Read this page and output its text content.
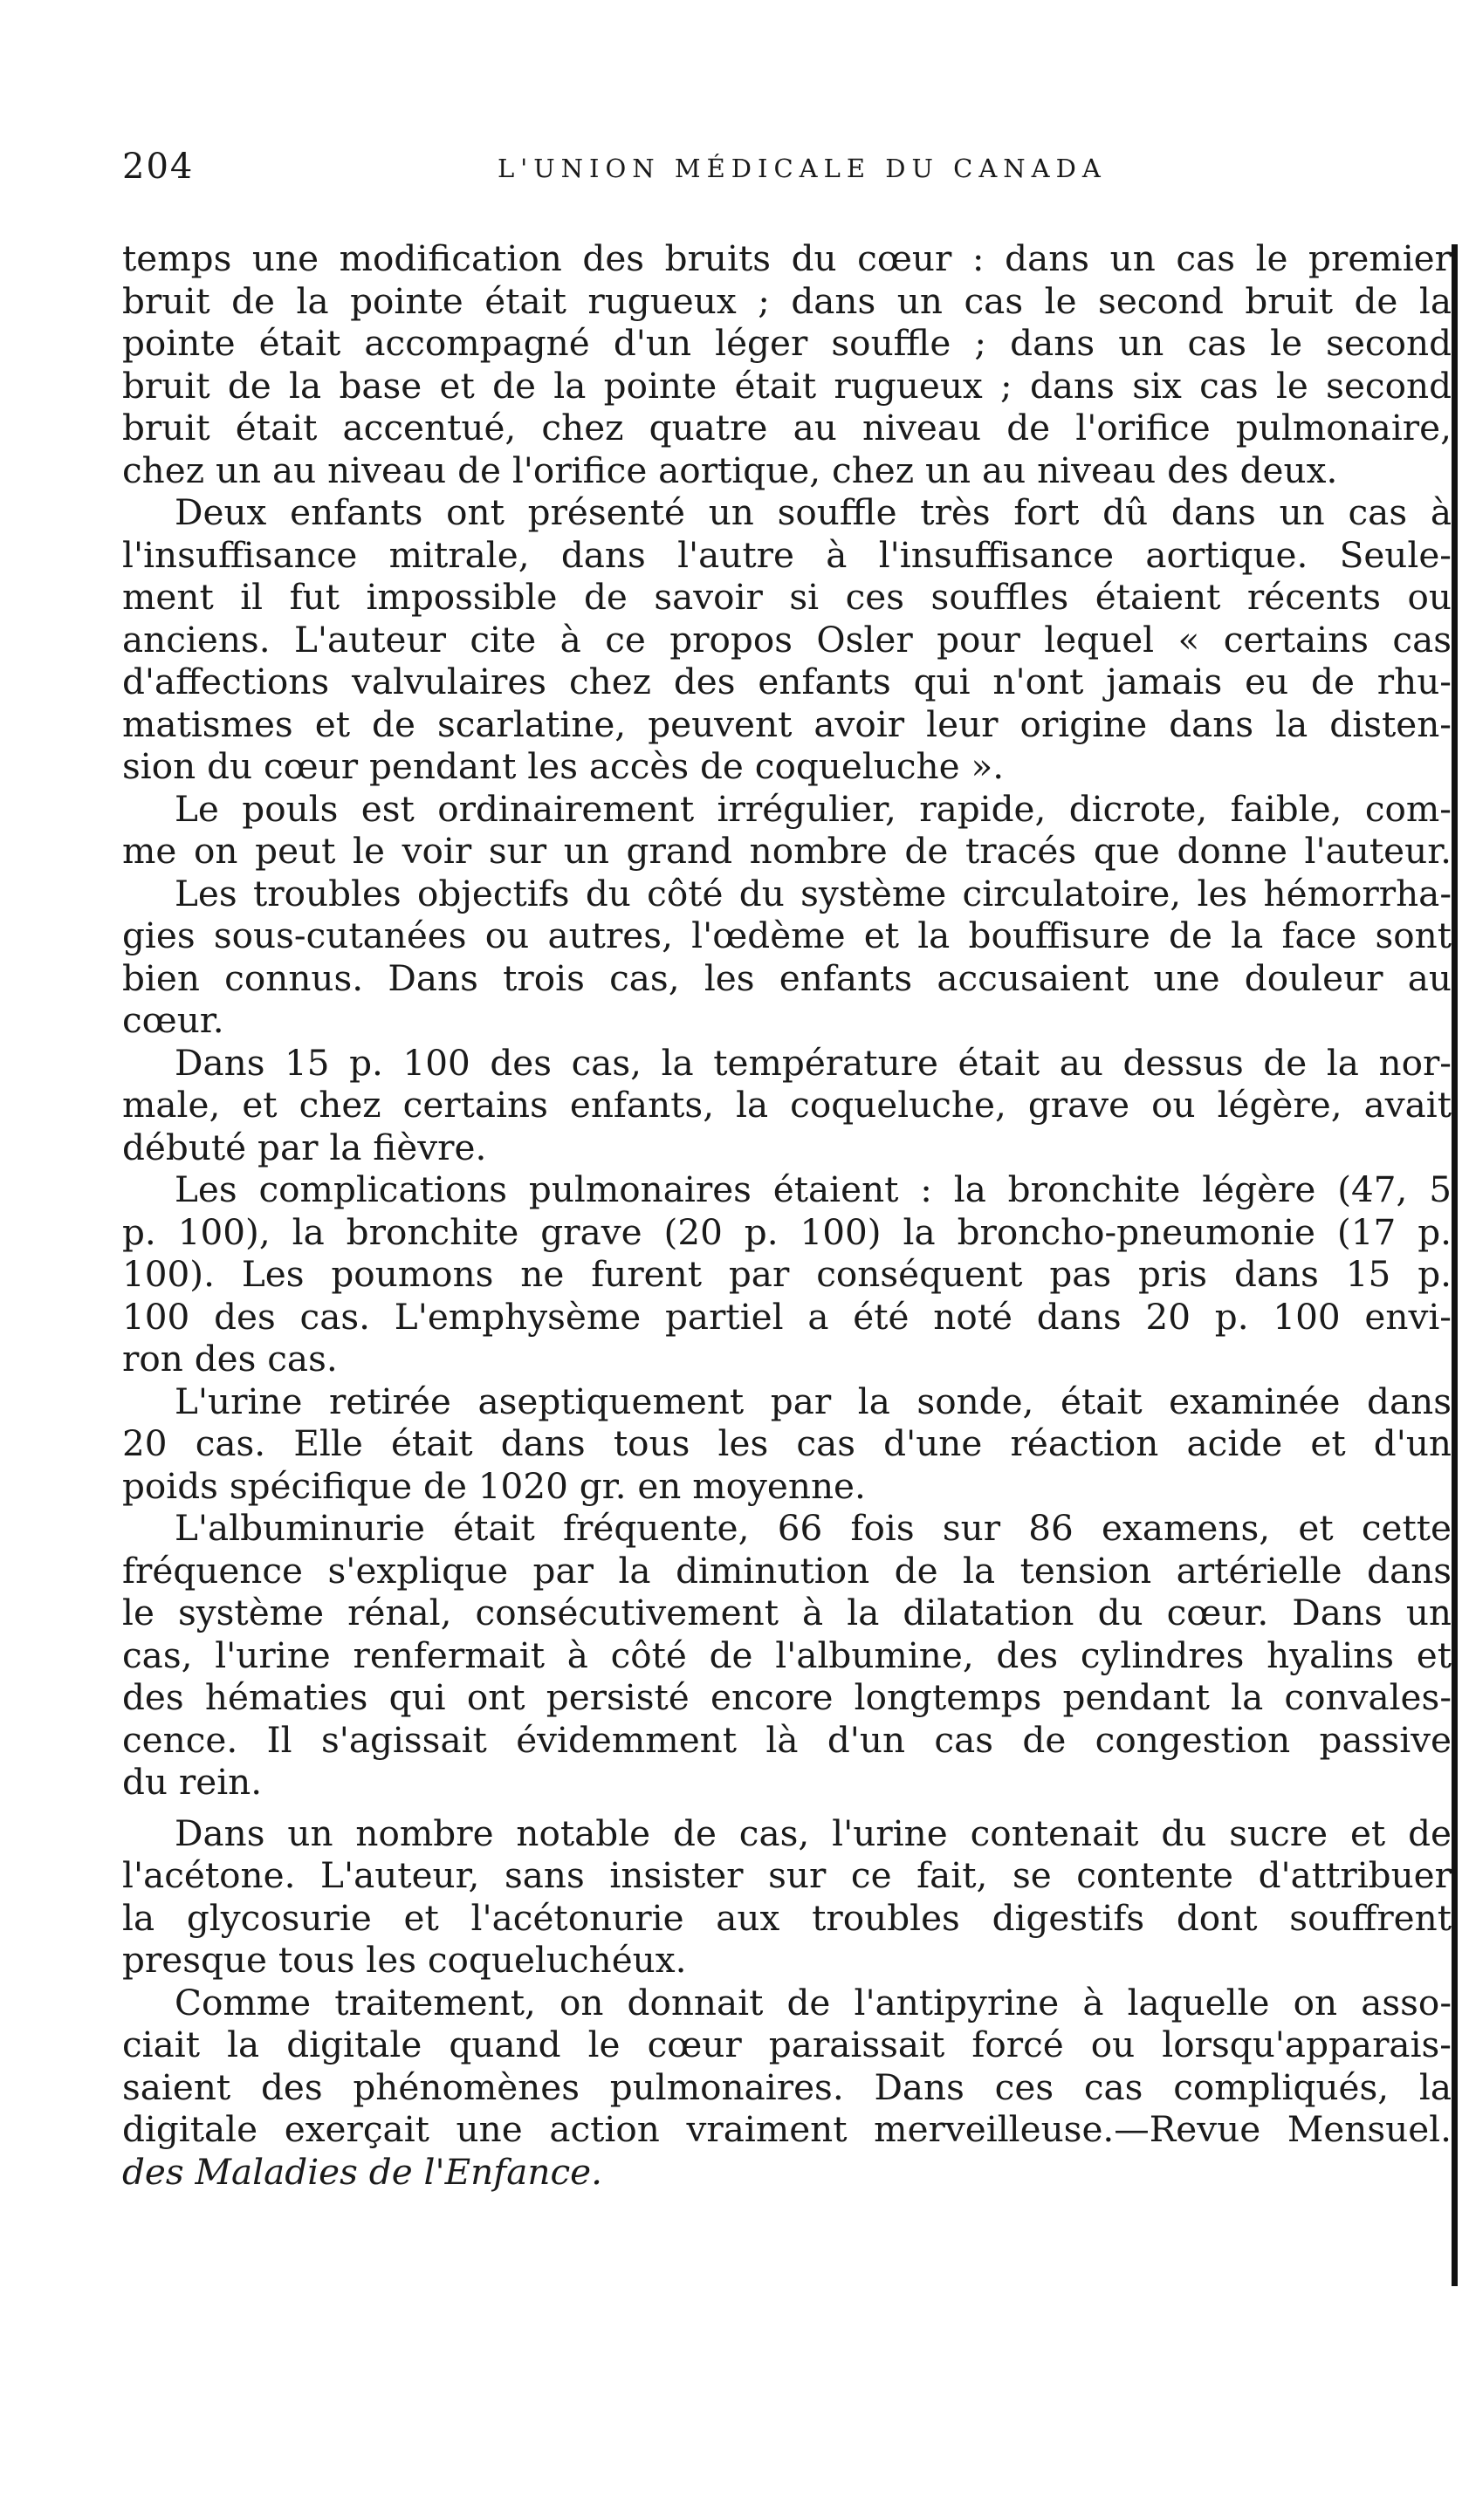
204	L'UNION MÉDICALE DU CANADA
temps une modification des bruits du cœur : dans un cas le premier
bruit de la pointe était rugueux ; dans un cas le second bruit de la
pointe était accompagné d'un léger souffle ; dans un cas le second
bruit de la base et de la pointe était rugueux ; dans six cas le second
bruit était accentué, chez quatre au niveau de l'orifice pulmonaire,
chez un au niveau de l'orifice aortique, chez un au niveau des deux.
Deux enfants ont présenté un souffle très fort dû dans un cas à
l'insuffisance mitrale, dans l'autre à l'insuffisance aortique. Seule-
ment il fut impossible de savoir si ces souffles étaient récents ou
anciens. L'auteur cite à ce propos Osler pour lequel « certains cas
d'affections valvulaires chez des enfants qui n'ont jamais eu de rhu-
matismes et de scarlatine, peuvent avoir leur origine dans la disten-
sion du cœur pendant les accès de coqueluche ».
Le pouls est ordinairement irrégulier, rapide, dicrote, faible, com-
me on peut le voir sur un grand nombre de tracés que donne l'auteur.
Les troubles objectifs du côté du système circulatoire, les hémorrha-
gies sous-cutanées ou autres, l'œdème et la bouffisure de la face sont
bien connus. Dans trois cas, les enfants accusaient une douleur au
cœur.
Dans 15 p. 100 des cas, la température était au dessus de la nor-
male, et chez certains enfants, la coqueluche, grave ou légère, avait
débuté par la fièvre.
Les complications pulmonaires étaient : la bronchite légère (47, 5
p. 100), la bronchite grave (20 p. 100) la broncho-pneumonie (17 p.
100). Les poumons ne furent par conséquent pas pris dans 15 p.
100 des cas. L'emphysème partiel a été noté dans 20 p. 100 envi-
ron des cas.
L'urine retirée aseptiquement par la sonde, était examinée dans
20 cas. Elle était dans tous les cas d'une réaction acide et d'un
poids spécifique de 1020 gr. en moyenne.
L'albuminurie était fréquente, 66 fois sur 86 examens, et cette
fréquence s'explique par la diminution de la tension artérielle dans
le système rénal, consécutivement à la dilatation du cœur. Dans un
cas, l'urine renfermait à côté de l'albumine, des cylindres hyalins et
des hématies qui ont persisté encore longtemps pendant la convales-
cence. Il s'agissait évidemment là d'un cas de congestion passive
du rein.
Dans un nombre notable de cas, l'urine contenait du sucre et de
l'acétone. L'auteur, sans insister sur ce fait, se contente d'attribuer
la glycosurie et l'acétonurie aux troubles digestifs dont souffrent
presque tous les coqueluchéux.
Comme traitement, on donnait de l'antipyrine à laquelle on asso-
ciait la digitale quand le cœur paraissait forcé ou lorsqu'apparais-
saient des phénomènes pulmonaires. Dans ces cas compliqués, la
digitale exerçait une action vraiment merveilleuse.—Revue Mensuel.
des Maladies de l'Enfance.
